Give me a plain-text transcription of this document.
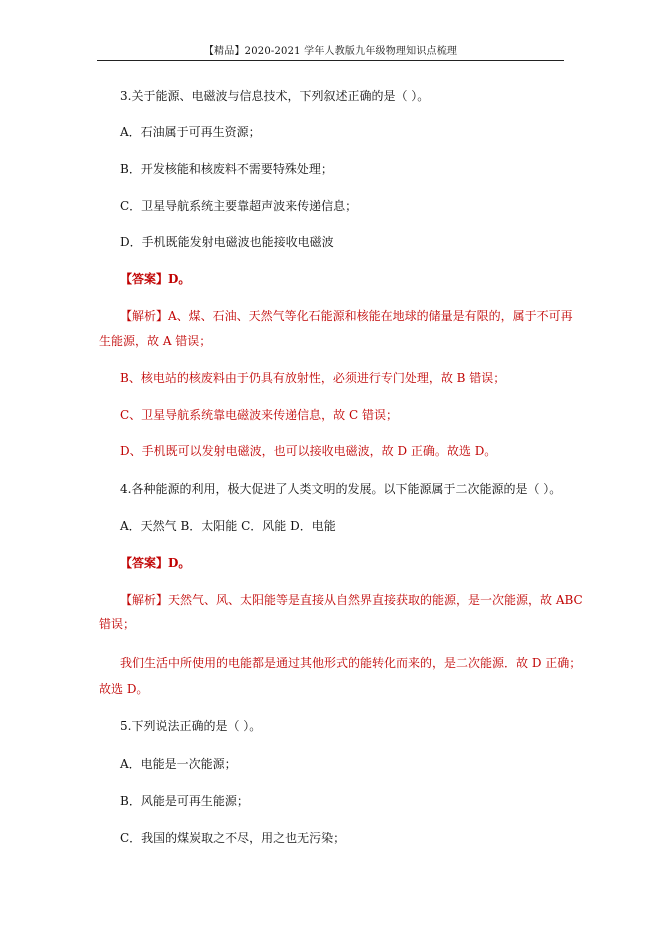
【精品】2020-2021 学年人教版九年级物理知识点梳理
3.关于能源、电磁波与信息技术，下列叙述正确的是（ ）。
A．石油属于可再生资源；
B．开发核能和核废料不需要特殊处理；
C．卫星导航系统主要靠超声波来传递信息；
D．手机既能发射电磁波也能接收电磁波
【答案】D。
【解析】A、煤、石油、天然气等化石能源和核能在地球的储量是有限的，属于不可再
生能源，故 A 错误；
B、核电站的核废料由于仍具有放射性，必须进行专门处理，故 B 错误；
C、卫星导航系统靠电磁波来传递信息，故 C 错误；
D、手机既可以发射电磁波，也可以接收电磁波，故 D 正确。故选 D。
4.各种能源的利用，极大促进了人类文明的发展。以下能源属于二次能源的是（ ）。
A．天然气 B．太阳能 C．风能 D．电能
【答案】D。
【解析】天然气、风、太阳能等是直接从自然界直接获取的能源，是一次能源，故 ABC
错误；
我们生活中所使用的电能都是通过其他形式的能转化而来的，是二次能源．故 D 正确；
故选 D。
5.下列说法正确的是（ ）。
A．电能是一次能源；
B．风能是可再生能源；
C．我国的煤炭取之不尽，用之也无污染；
